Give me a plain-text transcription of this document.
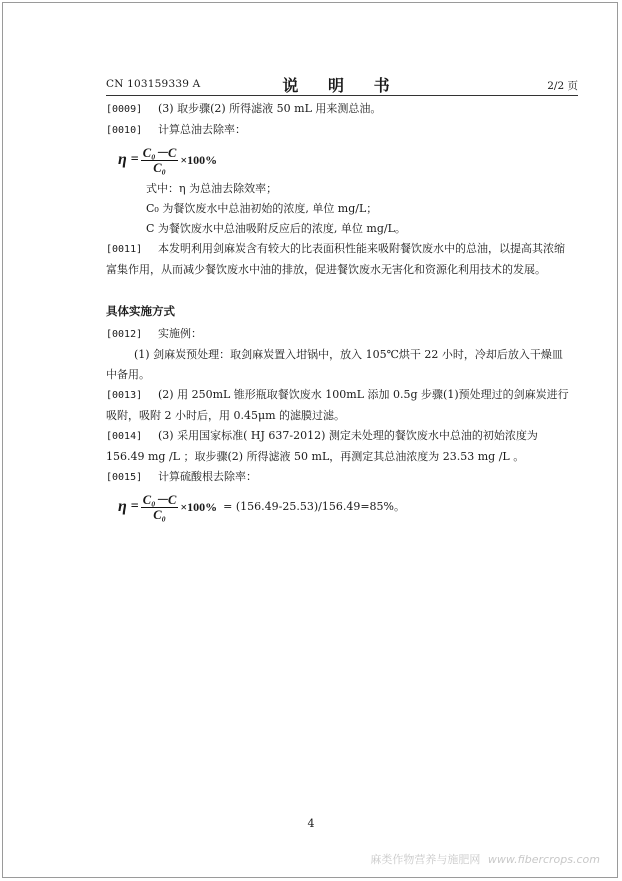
CN 103159339 A	说 明 书	2/2 页
[0009] (3) 取步骤(2) 所得滤液 50 mL 用来测总油。
[0010] 计算总油去除率：
$\eta = \frac{\text{C₀－C}}{\text{C₀}} \times 100\%$
式中：η 为总油去除效率；
C₀ 为餐饮废水中总油初始的浓度, 单位 mg/L；
C 为餐饮废水中总油吸附反应后的浓度, 单位 mg/L。
[0011] 本发明利用剑麻炭含有较大的比表面积性能来吸附餐饮废水中的总油，以提高其浓缩富集作用，从而减少餐饮废水中油的排放，促进餐饮废水无害化和资源化利用技术的发展。
具体实施方式
[0012] 实施例：
(1) 剑麻炭预处理：取剑麻炭置入坩锅中，放入 105℃烘干 22 小时，冷却后放入干燥皿中备用。
[0013] (2) 用 250mL 锥形瓶取餐饮废水 100mL 添加 0.5g 步骤(1)预处理过的剑麻炭进行吸附，吸附 2 小时后，用 0.45μm 的滤膜过滤。
[0014] (3) 采用国家标准( HJ 637-2012) 测定未处理的餐饮废水中总油的初始浓度为 156.49 mg /L ；取步骤(2) 所得滤液 50 mL，再测定其总油浓度为 23.53 mg /L 。
[0015] 计算硫酸根去除率：
$\eta = \frac{\text{C₀－C}}{\text{C₀}} \times 100\% = (156.49-25.53)/156.49=85\%$。
4
麻类作物营养与施肥网 www.fibercrops.com
